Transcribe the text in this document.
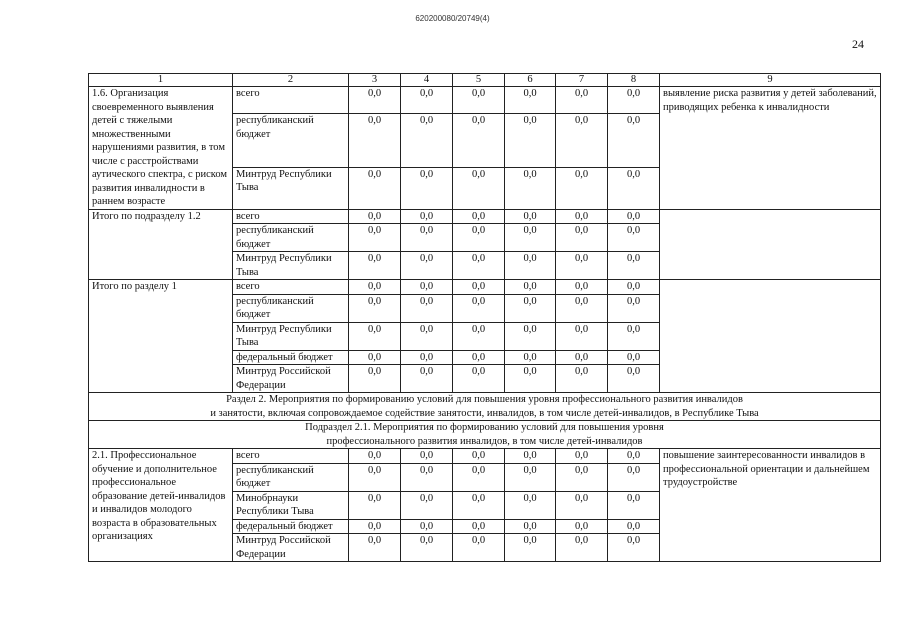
620200080/20749(4)
24
1	2	3	4	5	6	7	8	9
1.6. Организация своевременного выявления детей с тяжелыми множественными нарушениями развития, в том числе с расстройствами аутического спектра, с риском развития инвалидности в раннем возрасте	всего	0,0	0,0	0,0	0,0	0,0	0,0	выявление риска развития у детей заболеваний, приводящих ребенка к инвалидности
	республиканский бюджет	0,0	0,0	0,0	0,0	0,0	0,0	
	Минтруд Республики Тыва	0,0	0,0	0,0	0,0	0,0	0,0	
Итого по подразделу 1.2	всего	0,0	0,0	0,0	0,0	0,0	0,0	
	республиканский бюджет	0,0	0,0	0,0	0,0	0,0	0,0	
	Минтруд Республики Тыва	0,0	0,0	0,0	0,0	0,0	0,0	
Итого по разделу 1	всего	0,0	0,0	0,0	0,0	0,0	0,0	
	республиканский бюджет	0,0	0,0	0,0	0,0	0,0	0,0	
	Минтруд Республики Тыва	0,0	0,0	0,0	0,0	0,0	0,0	
	федеральный бюджет	0,0	0,0	0,0	0,0	0,0	0,0	
	Минтруд Российской Федерации	0,0	0,0	0,0	0,0	0,0	0,0	

Раздел 2. Мероприятия по формированию условий для повышения уровня профессионального развития инвалидов
и занятости, включая сопровождаемое содействие занятости, инвалидов, в том числе детей-инвалидов, в Республике Тыва								

Подраздел 2.1. Мероприятия по формированию условий для повышения уровня
профессионального развития инвалидов, в том числе детей-инвалидов								

2.1. Профессиональное обучение и дополнительное профессиональное образование детей-инвалидов и инвалидов молодого возраста в образовательных организациях	всего	0,0	0,0	0,0	0,0	0,0	0,0	повышение заинтересованности инвалидов в профессиональной ориентации и дальнейшем трудоустройстве
	республиканский бюджет	0,0	0,0	0,0	0,0	0,0	0,0	
	Минобрнауки Республики Тыва	0,0	0,0	0,0	0,0	0,0	0,0	
	федеральный бюджет	0,0	0,0	0,0	0,0	0,0	0,0	
	Минтруд Российской Федерации	0,0	0,0	0,0	0,0	0,0	0,0	
